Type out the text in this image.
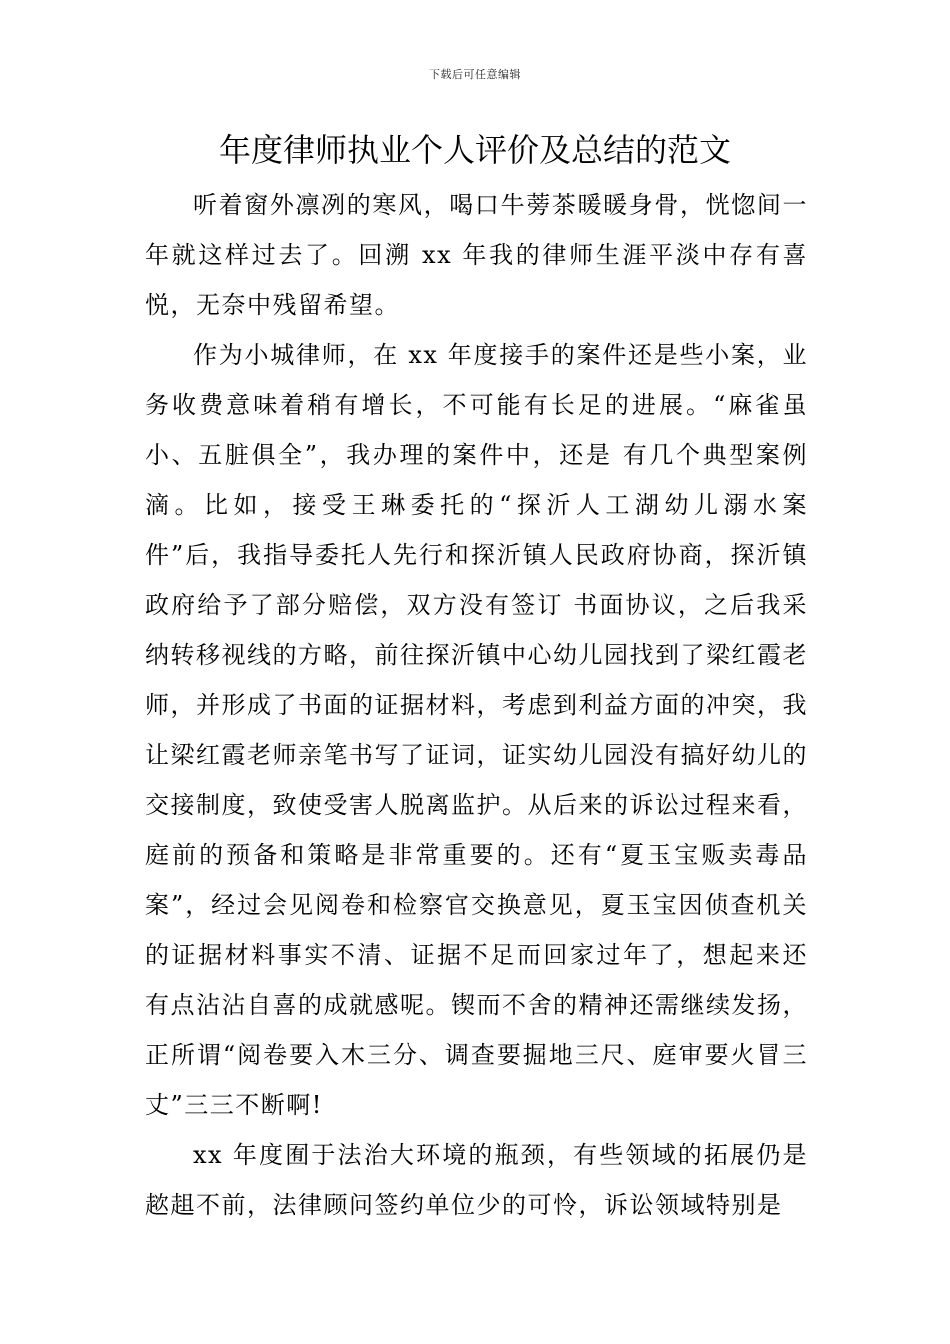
下载后可任意编辑
年度律师执业个人评价及总结的范文

听着窗外凛冽的寒风，喝口牛蒡茶暖暖身骨，恍惚间一年就这样过去了。回溯 xx 年我的律师生涯平淡中存有喜悦，无奈中残留希望。

作为小城律师，在 xx 年度接手的案件还是些小案，业务收费意味着稍有增长，不可能有长足的进展。“麻雀虽小、五脏俱全”，我办理的案件中，还是 有几个典型案例滴。比如，接受王琳委托的“探沂人工湖幼儿溺水案件”后，我指导委托人先行和探沂镇人民政府协商，探沂镇政府给予了部分赔偿，双方没有签订 书面协议，之后我采纳转移视线的方略，前往探沂镇中心幼儿园找到了梁红霞老师，并形成了书面的证据材料，考虑到利益方面的冲突，我让梁红霞老师亲笔书写了证词，证实幼儿园没有搞好幼儿的交接制度，致使受害人脱离监护。从后来的诉讼过程来看，庭前的预备和策略是非常重要的。还有“夏玉宝贩卖毒品案”，经过会见阅卷和检察官交换意见，夏玉宝因侦查机关的证据材料事实不清、证据不足而回家过年了，想起来还 有点沾沾自喜的成就感呢。锲而不舍的精神还需继续发扬，正所谓“阅卷要入木三分、调查要掘地三尺、庭审要火冒三丈”三三不断啊!

xx 年度囿于法治大环境的瓶颈，有些领域的拓展仍是趑趄不前，法律顾问签约单位少的可怜，诉讼领域特别是
